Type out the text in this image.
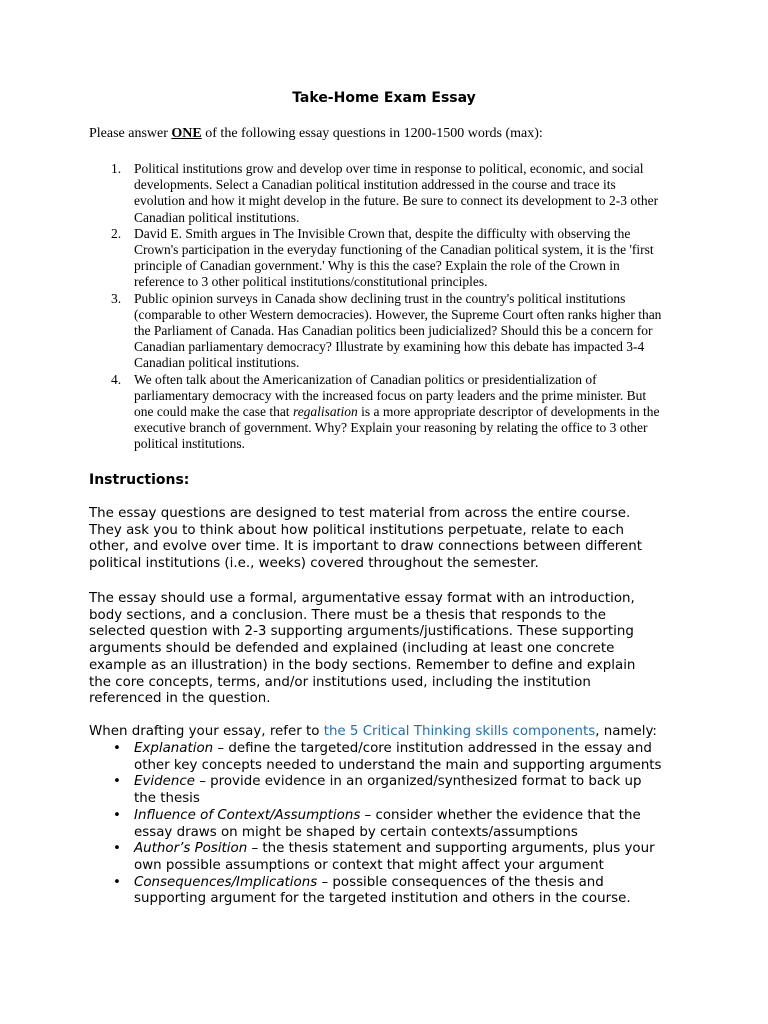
Take-Home Exam Essay
Please answer ONE of the following essay questions in 1200-1500 words (max):
1. Political institutions grow and develop over time in response to political, economic, and social
developments. Select a Canadian political institution addressed in the course and trace its
evolution and how it might develop in the future. Be sure to connect its development to 2-3 other
Canadian political institutions.
2. David E. Smith argues in The Invisible Crown that, despite the difficulty with observing the
Crown's participation in the everyday functioning of the Canadian political system, it is the 'first
principle of Canadian government.' Why is this the case? Explain the role of the Crown in
reference to 3 other political institutions/constitutional principles.
3. Public opinion surveys in Canada show declining trust in the country's political institutions
(comparable to other Western democracies). However, the Supreme Court often ranks higher than
the Parliament of Canada. Has Canadian politics been judicialized? Should this be a concern for
Canadian parliamentary democracy? Illustrate by examining how this debate has impacted 3-4
Canadian political institutions.
4. We often talk about the Americanization of Canadian politics or presidentialization of
parliamentary democracy with the increased focus on party leaders and the prime minister. But
one could make the case that regalisation is a more appropriate descriptor of developments in the
executive branch of government. Why? Explain your reasoning by relating the office to 3 other
political institutions.
Instructions:
The essay questions are designed to test material from across the entire course.
They ask you to think about how political institutions perpetuate, relate to each
other, and evolve over time. It is important to draw connections between different
political institutions (i.e., weeks) covered throughout the semester.
The essay should use a formal, argumentative essay format with an introduction,
body sections, and a conclusion. There must be a thesis that responds to the
selected question with 2-3 supporting arguments/justifications. These supporting
arguments should be defended and explained (including at least one concrete
example as an illustration) in the body sections. Remember to define and explain
the core concepts, terms, and/or institutions used, including the institution
referenced in the question.
When drafting your essay, refer to the 5 Critical Thinking skills components, namely:
• Explanation – define the targeted/core institution addressed in the essay and
other key concepts needed to understand the main and supporting arguments
• Evidence – provide evidence in an organized/synthesized format to back up
the thesis
• Influence of Context/Assumptions – consider whether the evidence that the
essay draws on might be shaped by certain contexts/assumptions
• Author’s Position – the thesis statement and supporting arguments, plus your
own possible assumptions or context that might affect your argument
• Consequences/Implications – possible consequences of the thesis and
supporting argument for the targeted institution and others in the course.
